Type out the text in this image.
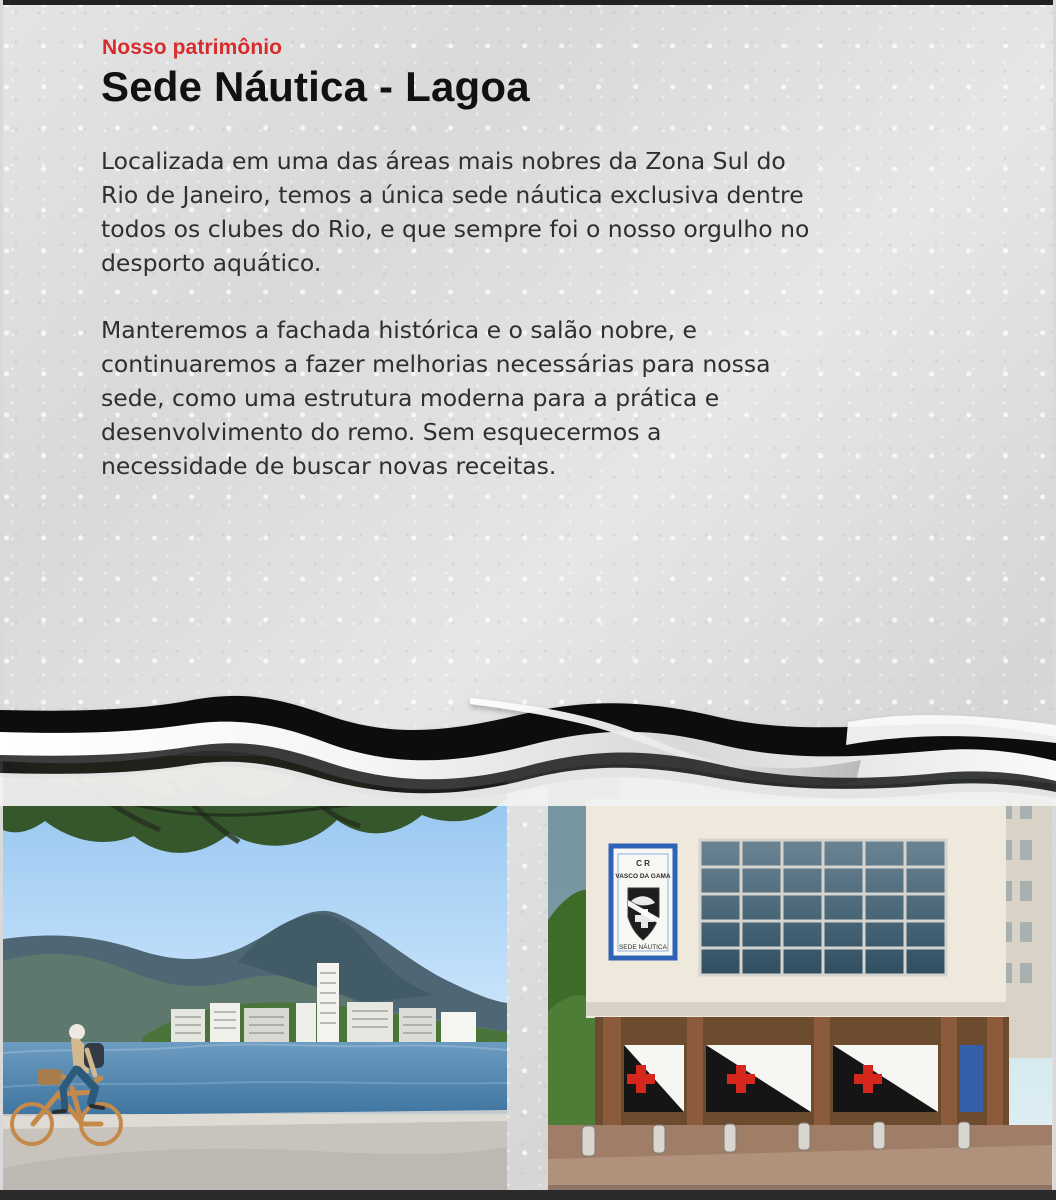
Nosso patrimônio
Sede Náutica - Lagoa

Localizada em uma das áreas mais nobres da Zona Sul do
Rio de Janeiro, temos a única sede náutica exclusiva dentre
todos os clubes do Rio, e que sempre foi o nosso orgulho no
desporto aquático.

Manteremos a fachada histórica e o salão nobre, e
continuaremos a fazer melhorias necessárias para nossa
sede, como uma estrutura moderna para a prática e
desenvolvimento do remo. Sem esquecermos a
necessidade de buscar novas receitas.

C R
VASCO DA GAMA
SEDE NÁUTICA
